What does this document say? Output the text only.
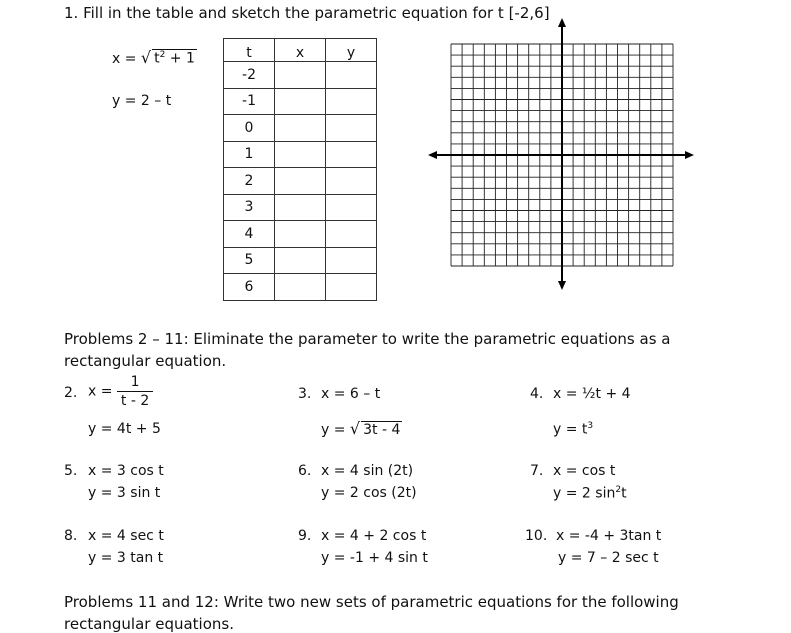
1. Fill in the table and sketch the parametric equation for t [-2,6]
x = √ $t^2 + 1$
y = 2 – t
t	x	y
-2		
-1		
0		
1		
2		
3		
4		
5		
6		
Problems 2 – 11: Eliminate the parameter to write the parametric equations as a
rectangular equation.
2. $x = \frac{1}{t - 2}$
y = 4t + 5
3. x = 6 – t
y = √ 3t - 4
4. x = ½t + 4
$y = t^3$
5. x = 3 cos t
y = 3 sin t
6. x = 4 sin (2t)
y = 2 cos (2t)
7. x = cos t
y = 2 $\sin^2t$
8. x = 4 sec t
y = 3 tan t
9. x = 4 + 2 cos t
y = -1 + 4 sin t
10. x = -4 + 3tan t
y = 7 – 2 sec t
Problems 11 and 12: Write two new sets of parametric equations for the following
rectangular equations.
